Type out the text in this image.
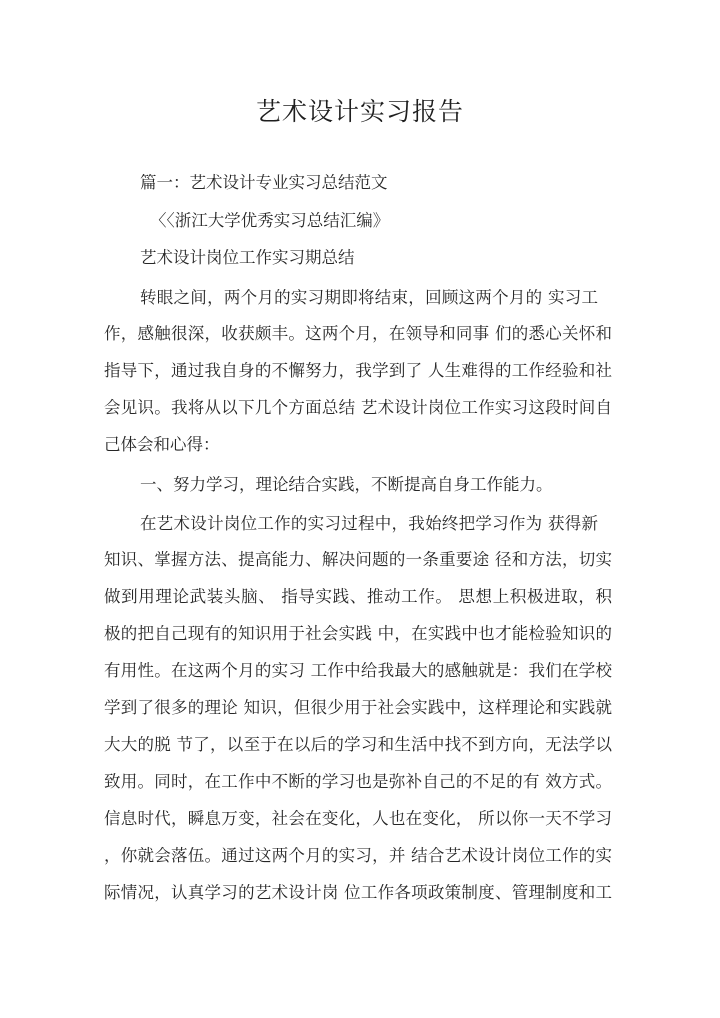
艺术设计实习报告
篇一：艺术设计专业实习总结范文
〈〈浙江大学优秀实习总结汇编》
艺术设计岗位工作实习期总结
转眼之间，两个月的实习期即将结束，回顾这两个月的 实习工
作，感触很深，收获颇丰。这两个月，在领导和同事 们的悉心关怀和
指导下，通过我自身的不懈努力，我学到了 人生难得的工作经验和社
会见识。我将从以下几个方面总结 艺术设计岗位工作实习这段时间自
己体会和心得：
一、努力学习，理论结合实践，不断提高自身工作能力。
在艺术设计岗位工作的实习过程中，我始终把学习作为 获得新
知识、掌握方法、提高能力、解决问题的一条重要途 径和方法，切实
做到用理论武装头脑、 指导实践、推动工作。 思想上积极进取，积
极的把自己现有的知识用于社会实践 中，在实践中也才能检验知识的
有用性。在这两个月的实习 工作中给我最大的感触就是：我们在学校
学到了很多的理论 知识，但很少用于社会实践中，这样理论和实践就
大大的脱 节了，以至于在以后的学习和生活中找不到方向，无法学以
致用。同时，在工作中不断的学习也是弥补自己的不足的有 效方式。
信息时代，瞬息万变，社会在变化，人也在变化， 所以你一天不学习
，你就会落伍。通过这两个月的实习，并 结合艺术设计岗位工作的实
际情况，认真学习的艺术设计岗 位工作各项政策制度、管理制度和工
